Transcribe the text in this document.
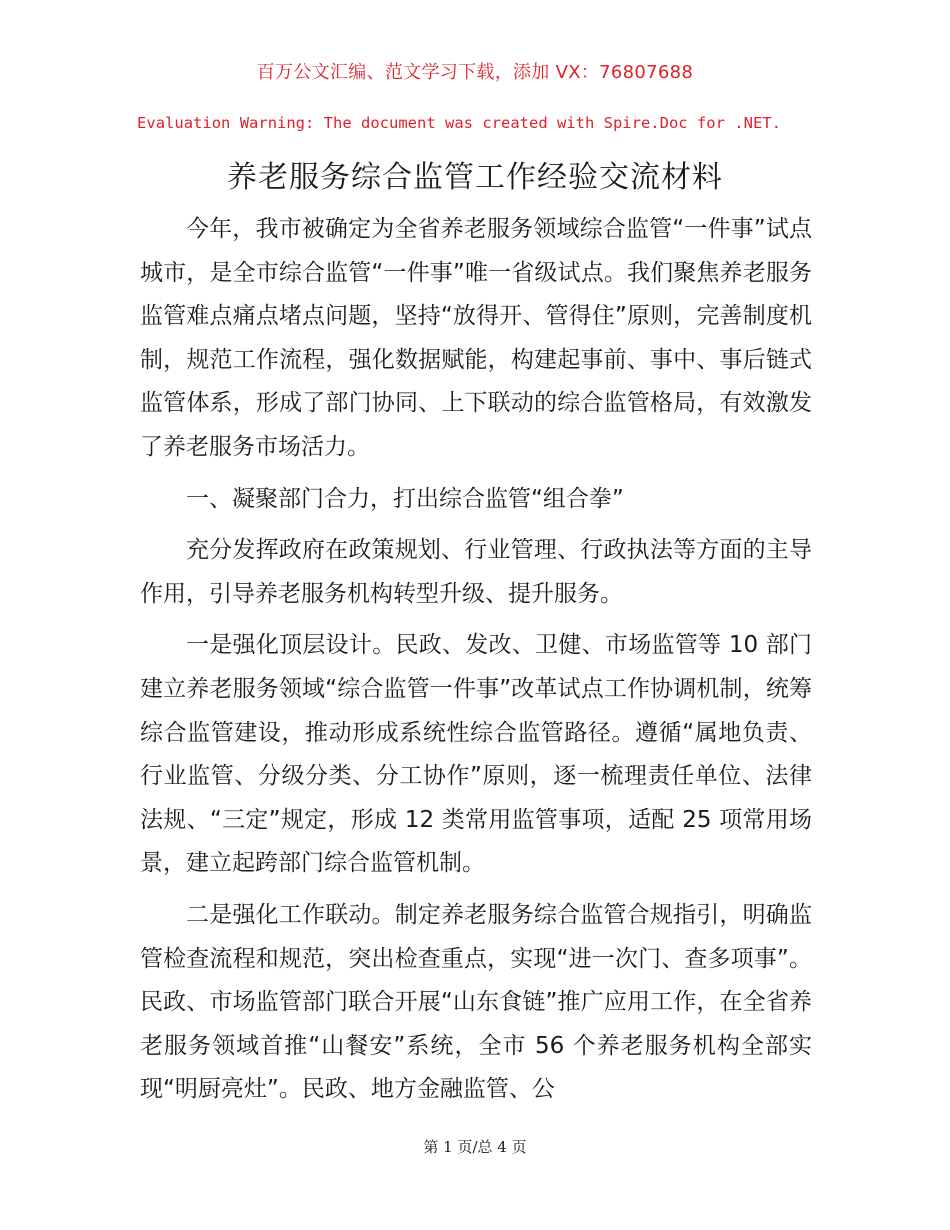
百万公文汇编、范文学习下载，添加 VX：76807688
Evaluation Warning: The document was created with Spire.Doc for .NET.
养老服务综合监管工作经验交流材料

今年，我市被确定为全省养老服务领域综合监管“一件事”试点城市，是全市综合监管“一件事”唯一省级试点。我们聚焦养老服务监管难点痛点堵点问题，坚持“放得开、管得住”原则，完善制度机制，规范工作流程，强化数据赋能，构建起事前、事中、事后链式监管体系，形成了部门协同、上下联动的综合监管格局，有效激发了养老服务市场活力。

一、凝聚部门合力，打出综合监管“组合拳”

充分发挥政府在政策规划、行业管理、行政执法等方面的主导作用，引导养老服务机构转型升级、提升服务。

一是强化顶层设计。民政、发改、卫健、市场监管等 10 部门建立养老服务领域“综合监管一件事”改革试点工作协调机制，统筹综合监管建设，推动形成系统性综合监管路径。遵循“属地负责、行业监管、分级分类、分工协作”原则，逐一梳理责任单位、法律法规、“三定”规定，形成 12 类常用监管事项，适配 25 项常用场景，建立起跨部门综合监管机制。

二是强化工作联动。制定养老服务综合监管合规指引，明确监管检查流程和规范，突出检查重点，实现“进一次门、查多项事”。民政、市场监管部门联合开展“山东食链”推广应用工作，在全省养老服务领域首推“山餐安”系统，全市 56 个养老服务机构全部实现“明厨亮灶”。民政、地方金融监管、公

第 1 页/总 4 页
